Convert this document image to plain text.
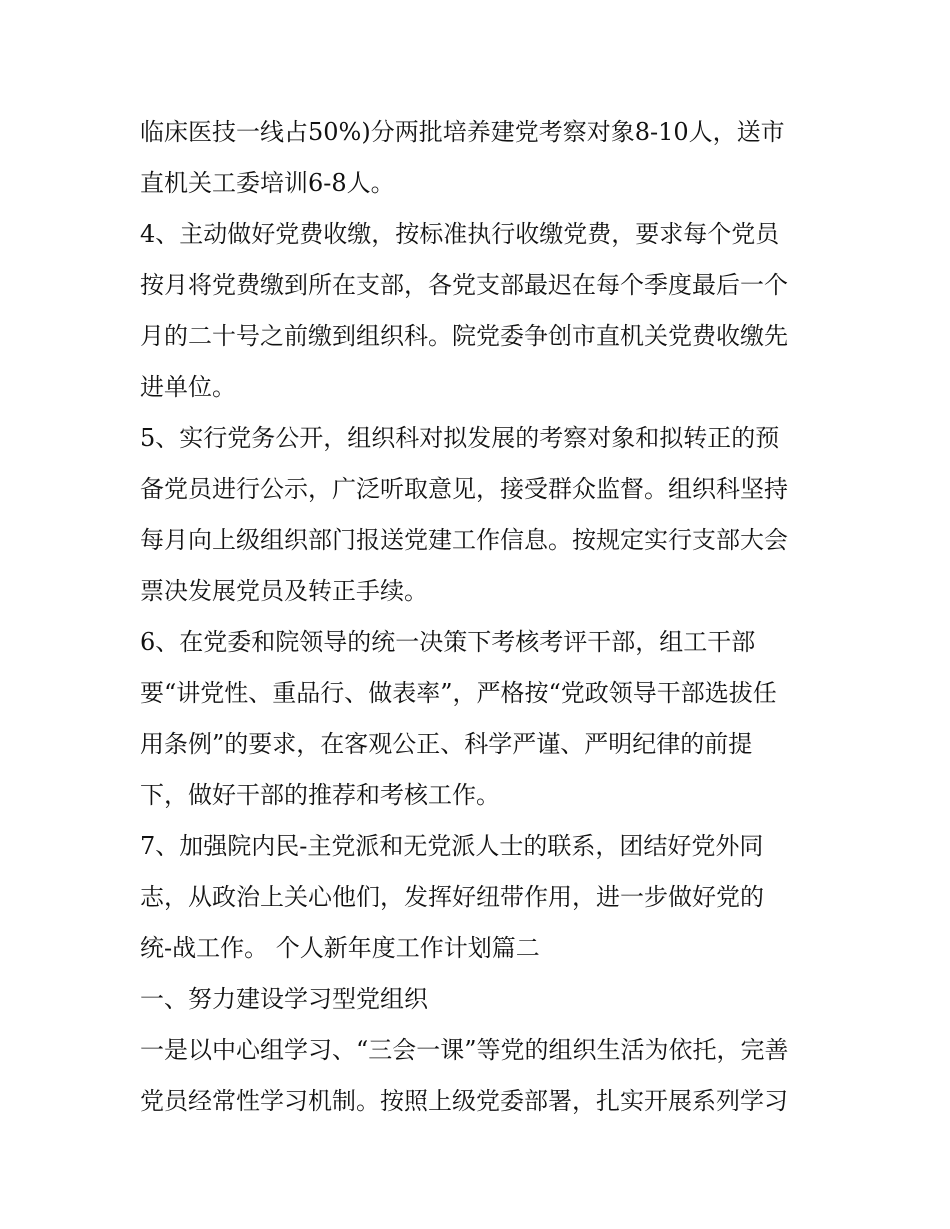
临床医技一线占50%)分两批培养建党考察对象8-10人，送市
直机关工委培训6-8人。
4、主动做好党费收缴，按标准执行收缴党费，要求每个党员
按月将党费缴到所在支部，各党支部最迟在每个季度最后一个
月的二十号之前缴到组织科。院党委争创市直机关党费收缴先
进单位。
5、实行党务公开，组织科对拟发展的考察对象和拟转正的预
备党员进行公示，广泛听取意见，接受群众监督。组织科坚持
每月向上级组织部门报送党建工作信息。按规定实行支部大会
票决发展党员及转正手续。
6、在党委和院领导的统一决策下考核考评干部，组工干部
要“讲党性、重品行、做表率”，严格按“党政领导干部选拔任
用条例”的要求，在客观公正、科学严谨、严明纪律的前提
下，做好干部的推荐和考核工作。
7、加强院内民-主党派和无党派人士的联系，团结好党外同
志，从政治上关心他们，发挥好纽带作用，进一步做好党的
统-战工作。 个人新年度工作计划篇二
一、努力建设学习型党组织
一是以中心组学习、“三会一课”等党的组织生活为依托，完善
党员经常性学习机制。按照上级党委部署，扎实开展系列学习
